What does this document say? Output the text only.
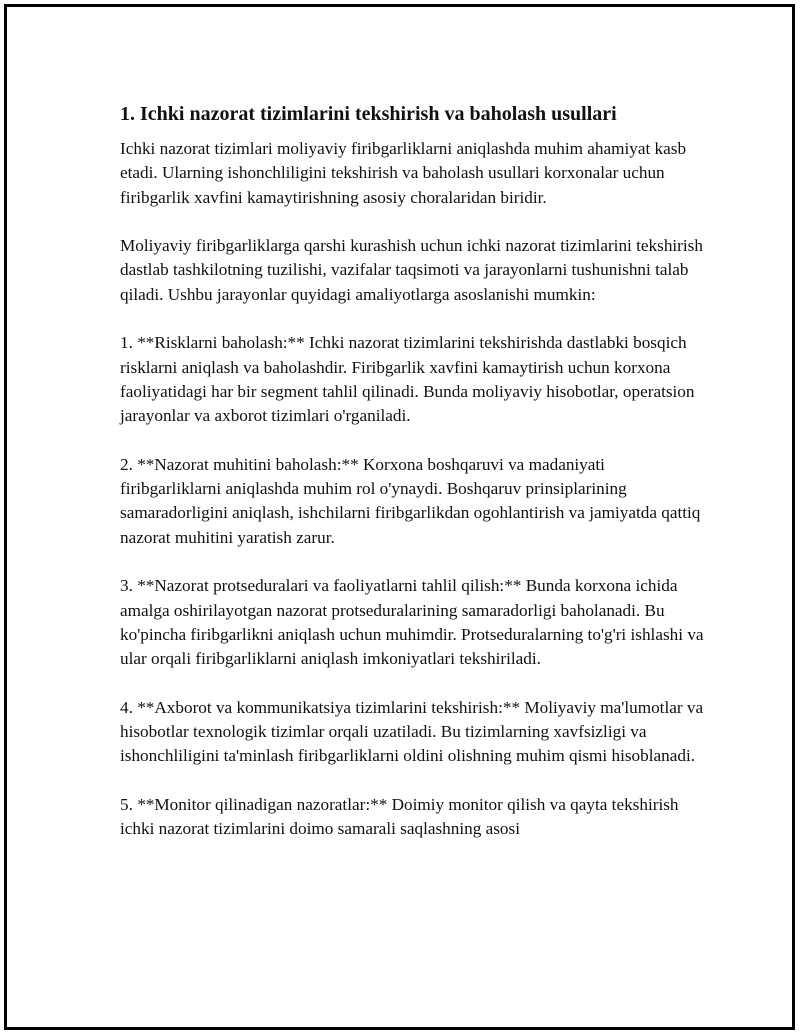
1. Ichki nazorat tizimlarini tekshirish va baholash usullari

Ichki nazorat tizimlari moliyaviy firibgarliklarni aniqlashda muhim ahamiyat kasb etadi. Ularning ishonchliligini tekshirish va baholash usullari korxonalar uchun firibgarlik xavfini kamaytirishning asosiy choralaridan biridir.

Moliyaviy firibgarliklarga qarshi kurashish uchun ichki nazorat tizimlarini tekshirish dastlab tashkilotning tuzilishi, vazifalar taqsimoti va jarayonlarni tushunishni talab qiladi. Ushbu jarayonlar quyidagi amaliyotlarga asoslanishi mumkin:

1. **Risklarni baholash:** Ichki nazorat tizimlarini tekshirishda dastlabki bosqich risklarni aniqlash va baholashdir. Firibgarlik xavfini kamaytirish uchun korxona faoliyatidagi har bir segment tahlil qilinadi. Bunda moliyaviy hisobotlar, operatsion jarayonlar va axborot tizimlari o'rganiladi.

2. **Nazorat muhitini baholash:** Korxona boshqaruvi va madaniyati firibgarliklarni aniqlashda muhim rol o'ynaydi. Boshqaruv prinsiplarining samaradorligini aniqlash, ishchilarni firibgarlikdan ogohlantirish va jamiyatda qattiq nazorat muhitini yaratish zarur.

3. **Nazorat protseduralari va faoliyatlarni tahlil qilish:** Bunda korxona ichida amalga oshirilayotgan nazorat protseduralarining samaradorligi baholanadi. Bu ko'pincha firibgarlikni aniqlash uchun muhimdir. Protseduralarning to'g'ri ishlashi va ular orqali firibgarliklarni aniqlash imkoniyatlari tekshiriladi.

4. **Axborot va kommunikatsiya tizimlarini tekshirish:** Moliyaviy ma'lumotlar va hisobotlar texnologik tizimlar orqali uzatiladi. Bu tizimlarning xavfsizligi va ishonchliligini ta'minlash firibgarliklarni oldini olishning muhim qismi hisoblanadi.

5. **Monitor qilinadigan nazoratlar:** Doimiy monitor qilish va qayta tekshirish ichki nazorat tizimlarini doimo samarali saqlashning asosi
